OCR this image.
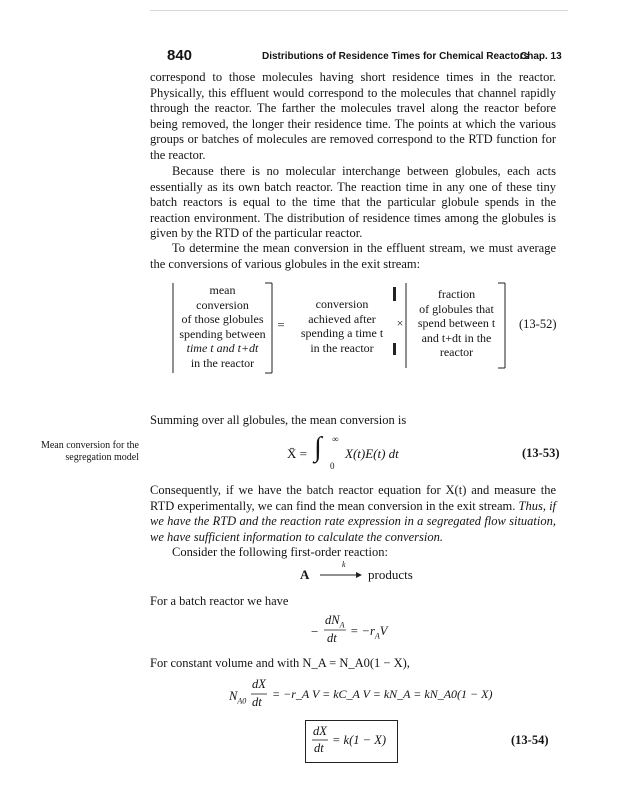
840	Distributions of Residence Times for Chemical Reactors
Chap. 13
correspond to those molecules having short residence times in the reactor. Physically, this effluent would correspond to the molecules that channel rapidly through the reactor. The farther the molecules travel along the reactor before being removed, the longer their residence time. The points at which the various groups or batches of molecules are removed correspond to the RTD function for the reactor.
Because there is no molecular interchange between globules, each acts essentially as its own batch reactor. The reaction time in any one of these tiny batch reactors is equal to the time that the particular globule spends in the reaction environment. The distribution of residence times among the globules is given by the RTD of the particular reactor.
To determine the mean conversion in the effluent stream, we must average the conversions of various globules in the exit stream:
mean
conversion
of those globules
spending between
time t and t+dt
in the reactor
=
conversion
achieved after
spending a time t
in the reactor
×
fraction
of globules that
spend between t
and t+dt in the
reactor
(13-52)
Summing over all globules, the mean conversion is
Mean conversion for the segregation model	X̄ = ∫ ∞
0
X(t)E(t) dt	(13-53)
Consequently, if we have the batch reactor equation for X(t) and measure the RTD experimentally, we can find the mean conversion in the exit stream. Thus, if we have the RTD and the reaction rate expression in a segregated flow situation, we have sufficient information to calculate the conversion.
Consider the following first-order reaction:
A
k
products
For a batch reactor we have
−
$dN_A$
dt = $-r_AV$
For constant volume and with N_A = N_A0(1 − X),
$N_{A0}$
dX
dt
= −r_A V = kC_A V = kN_A = kN_A0(1 − X)
dX
dt
= k(1 − X)	(13-54)
